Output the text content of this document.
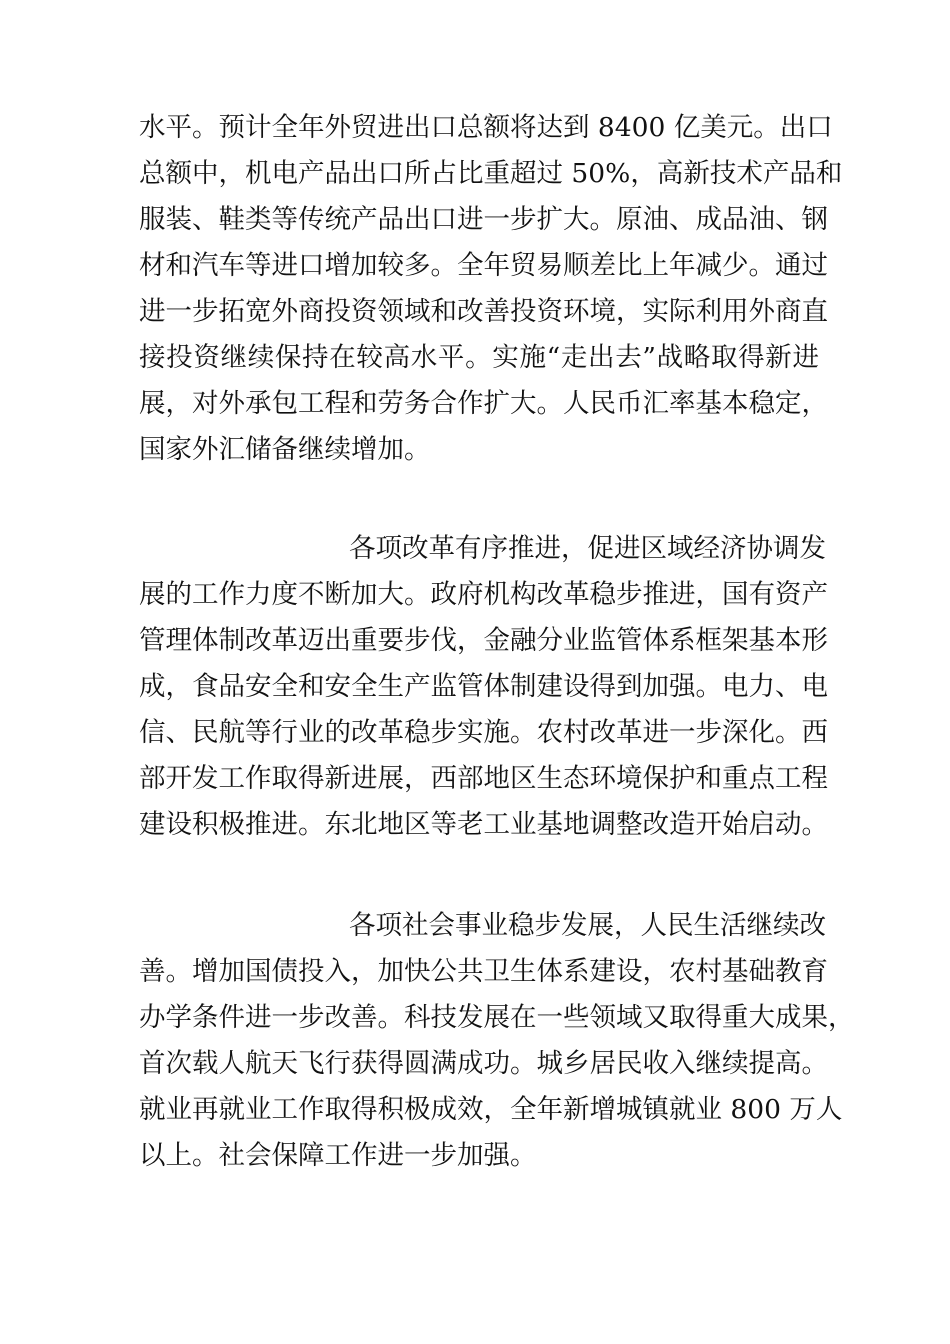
水平。预计全年外贸进出口总额将达到 8400 亿美元。出口
总额中，机电产品出口所占比重超过 50%，高新技术产品和
服装、鞋类等传统产品出口进一步扩大。原油、成品油、钢
材和汽车等进口增加较多。全年贸易顺差比上年减少。通过
进一步拓宽外商投资领域和改善投资环境，实际利用外商直
接投资继续保持在较高水平。实施“走出去”战略取得新进
展，对外承包工程和劳务合作扩大。人民币汇率基本稳定，
国家外汇储备继续增加。
各项改革有序推进，促进区域经济协调发
展的工作力度不断加大。政府机构改革稳步推进，国有资产
管理体制改革迈出重要步伐，金融分业监管体系框架基本形
成，食品安全和安全生产监管体制建设得到加强。电力、电
信、民航等行业的改革稳步实施。农村改革进一步深化。西
部开发工作取得新进展，西部地区生态环境保护和重点工程
建设积极推进。东北地区等老工业基地调整改造开始启动。
各项社会事业稳步发展，人民生活继续改
善。增加国债投入，加快公共卫生体系建设，农村基础教育
办学条件进一步改善。科技发展在一些领域又取得重大成果，
首次载人航天飞行获得圆满成功。城乡居民收入继续提高。
就业再就业工作取得积极成效，全年新增城镇就业 800 万人
以上。社会保障工作进一步加强。
